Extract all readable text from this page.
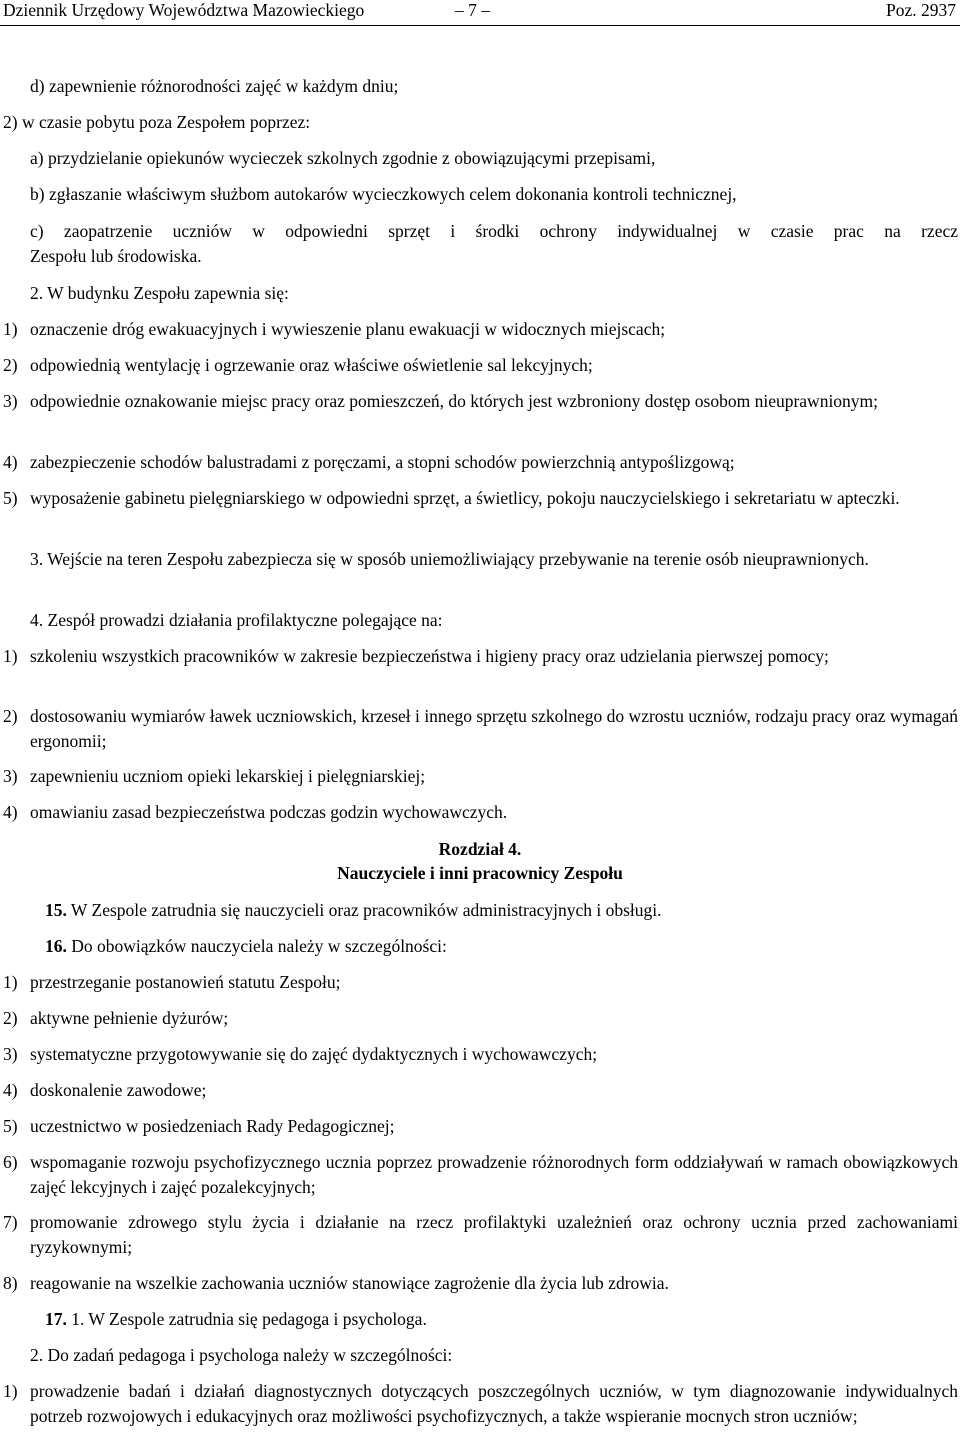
Dziennik Urzędowy Województwa Mazowieckiego	– 7 –	Poz. 2937
d) zapewnienie różnorodności zajęć w każdym dniu;
2) w czasie pobytu poza Zespołem poprzez:
a) przydzielanie opiekunów wycieczek szkolnych zgodnie z obowiązującymi przepisami,
b) zgłaszanie właściwym służbom autokarów wycieczkowych celem dokonania kontroli technicznej,
c) zaopatrzenie uczniów w odpowiedni sprzęt i środki ochrony indywidualnej w czasie prac na rzecz
Zespołu lub środowiska.
2. W budynku Zespołu zapewnia się:
1) oznaczenie dróg ewakuacyjnych i wywieszenie planu ewakuacji w widocznych miejscach;
2) odpowiednią wentylację i ogrzewanie oraz właściwe oświetlenie sal lekcyjnych;
3) odpowiednie oznakowanie miejsc pracy oraz pomieszczeń, do których jest wzbroniony dostęp osobom nieuprawnionym;
4) zabezpieczenie schodów balustradami z poręczami, a stopni schodów powierzchnią antypoślizgową;
5) wyposażenie gabinetu pielęgniarskiego w odpowiedni sprzęt, a świetlicy, pokoju nauczycielskiego i sekretariatu w apteczki.
3. Wejście na teren Zespołu zabezpiecza się w sposób uniemożliwiający przebywanie na terenie osób nieuprawnionych.
4. Zespół prowadzi działania profilaktyczne polegające na:
1) szkoleniu wszystkich pracowników w zakresie bezpieczeństwa i higieny pracy oraz udzielania pierwszej pomocy;
2) dostosowaniu wymiarów ławek uczniowskich, krzeseł i innego sprzętu szkolnego do wzrostu uczniów, rodzaju pracy oraz wymagań ergonomii;
3) zapewnieniu uczniom opieki lekarskiej i pielęgniarskiej;
4) omawianiu zasad bezpieczeństwa podczas godzin wychowawczych.
Rozdział 4.
Nauczyciele i inni pracownicy Zespołu
15. W Zespole zatrudnia się nauczycieli oraz pracowników administracyjnych i obsługi.
16. Do obowiązków nauczyciela należy w szczególności:
1) przestrzeganie postanowień statutu Zespołu;
2) aktywne pełnienie dyżurów;
3) systematyczne przygotowywanie się do zajęć dydaktycznych i wychowawczych;
4) doskonalenie zawodowe;
5) uczestnictwo w posiedzeniach Rady Pedagogicznej;
6) wspomaganie rozwoju psychofizycznego ucznia poprzez prowadzenie różnorodnych form oddziaływań w ramach obowiązkowych zajęć lekcyjnych i zajęć pozalekcyjnych;
7) promowanie zdrowego stylu życia i działanie na rzecz profilaktyki uzależnień oraz ochrony ucznia przed zachowaniami ryzykownymi;
8) reagowanie na wszelkie zachowania uczniów stanowiące zagrożenie dla życia lub zdrowia.
17. 1. W Zespole zatrudnia się pedagoga i psychologa.
2. Do zadań pedagoga i psychologa należy w szczególności:
1) prowadzenie badań i działań diagnostycznych dotyczących poszczególnych uczniów, w tym diagnozowanie indywidualnych potrzeb rozwojowych i edukacyjnych oraz możliwości psychofizycznych, a także wspieranie mocnych stron uczniów;
